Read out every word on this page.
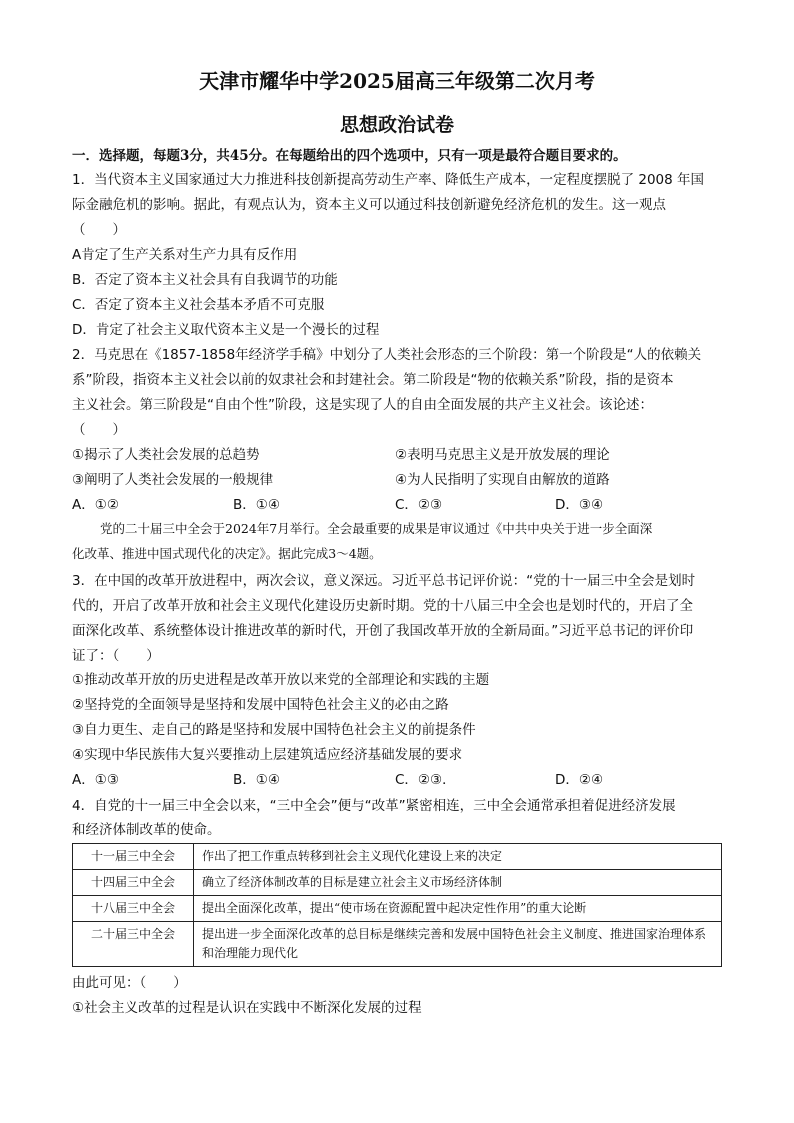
天津市耀华中学2025届高三年级第二次月考
思想政治试卷
一．选择题，每题3分，共45分。在每题给出的四个选项中，只有一项是最符合题目要求的。
1．当代资本主义国家通过大力推进科技创新提高劳动生产率、降低生产成本，一定程度摆脱了 2008 年国
际金融危机的影响。据此，有观点认为，资本主义可以通过科技创新避免经济危机的发生。这一观点
（　　）
A肯定了生产关系对生产力具有反作用
B．否定了资本主义社会具有自我调节的功能
C．否定了资本主义社会基本矛盾不可克服
D．肯定了社会主义取代资本主义是一个漫长的过程
2．马克思在《1857-1858年经济学手稿》中划分了人类社会形态的三个阶段：第一个阶段是“人的依赖关
系”阶段，指资本主义社会以前的奴隶社会和封建社会。第二阶段是“物的依赖关系”阶段，指的是资本
主义社会。第三阶段是“自由个性”阶段，这是实现了人的自由全面发展的共产主义社会。该论述：
（　　）
①揭示了人类社会发展的总趋势	②表明马克思主义是开放发展的理论
③阐明了人类社会发展的一般规律	④为人民指明了实现自由解放的道路
A．①②	B．①④	C．②③	D．③④
党的二十届三中全会于2024年7月举行。全会最重要的成果是审议通过《中共中央关于进一步全面深
化改革、推进中国式现代化的决定》。据此完成3～4题。
3．在中国的改革开放进程中，两次会议，意义深远。习近平总书记评价说：“党的十一届三中全会是划时
代的，开启了改革开放和社会主义现代化建设历史新时期。党的十八届三中全会也是划时代的，开启了全
面深化改革、系统整体设计推进改革的新时代，开创了我国改革开放的全新局面。”习近平总书记的评价印
证了：（　　）
①推动改革开放的历史进程是改革开放以来党的全部理论和实践的主题
②坚持党的全面领导是坚持和发展中国特色社会主义的必由之路
③自力更生、走自己的路是坚持和发展中国特色社会主义的前提条件
④实现中华民族伟大复兴要推动上层建筑适应经济基础发展的要求
A．①③	B．①④	C．②③．	D．②④
4．自党的十一届三中全会以来，“三中全会”便与“改革”紧密相连，三中全会通常承担着促进经济发展
和经济体制改革的使命。
十一届三中全会	作出了把工作重点转移到社会主义现代化建设上来的决定
十四届三中全会	确立了经济体制改革的目标是建立社会主义市场经济体制
十八届三中全会	提出全面深化改革，提出“使市场在资源配置中起决定性作用”的重大论断
二十届三中全会	提出进一步全面深化改革的总目标是继续完善和发展中国特色社会主义制度、推进国家治理体系和治理能力现代化
由此可见：（　　）
①社会主义改革的过程是认识在实践中不断深化发展的过程
